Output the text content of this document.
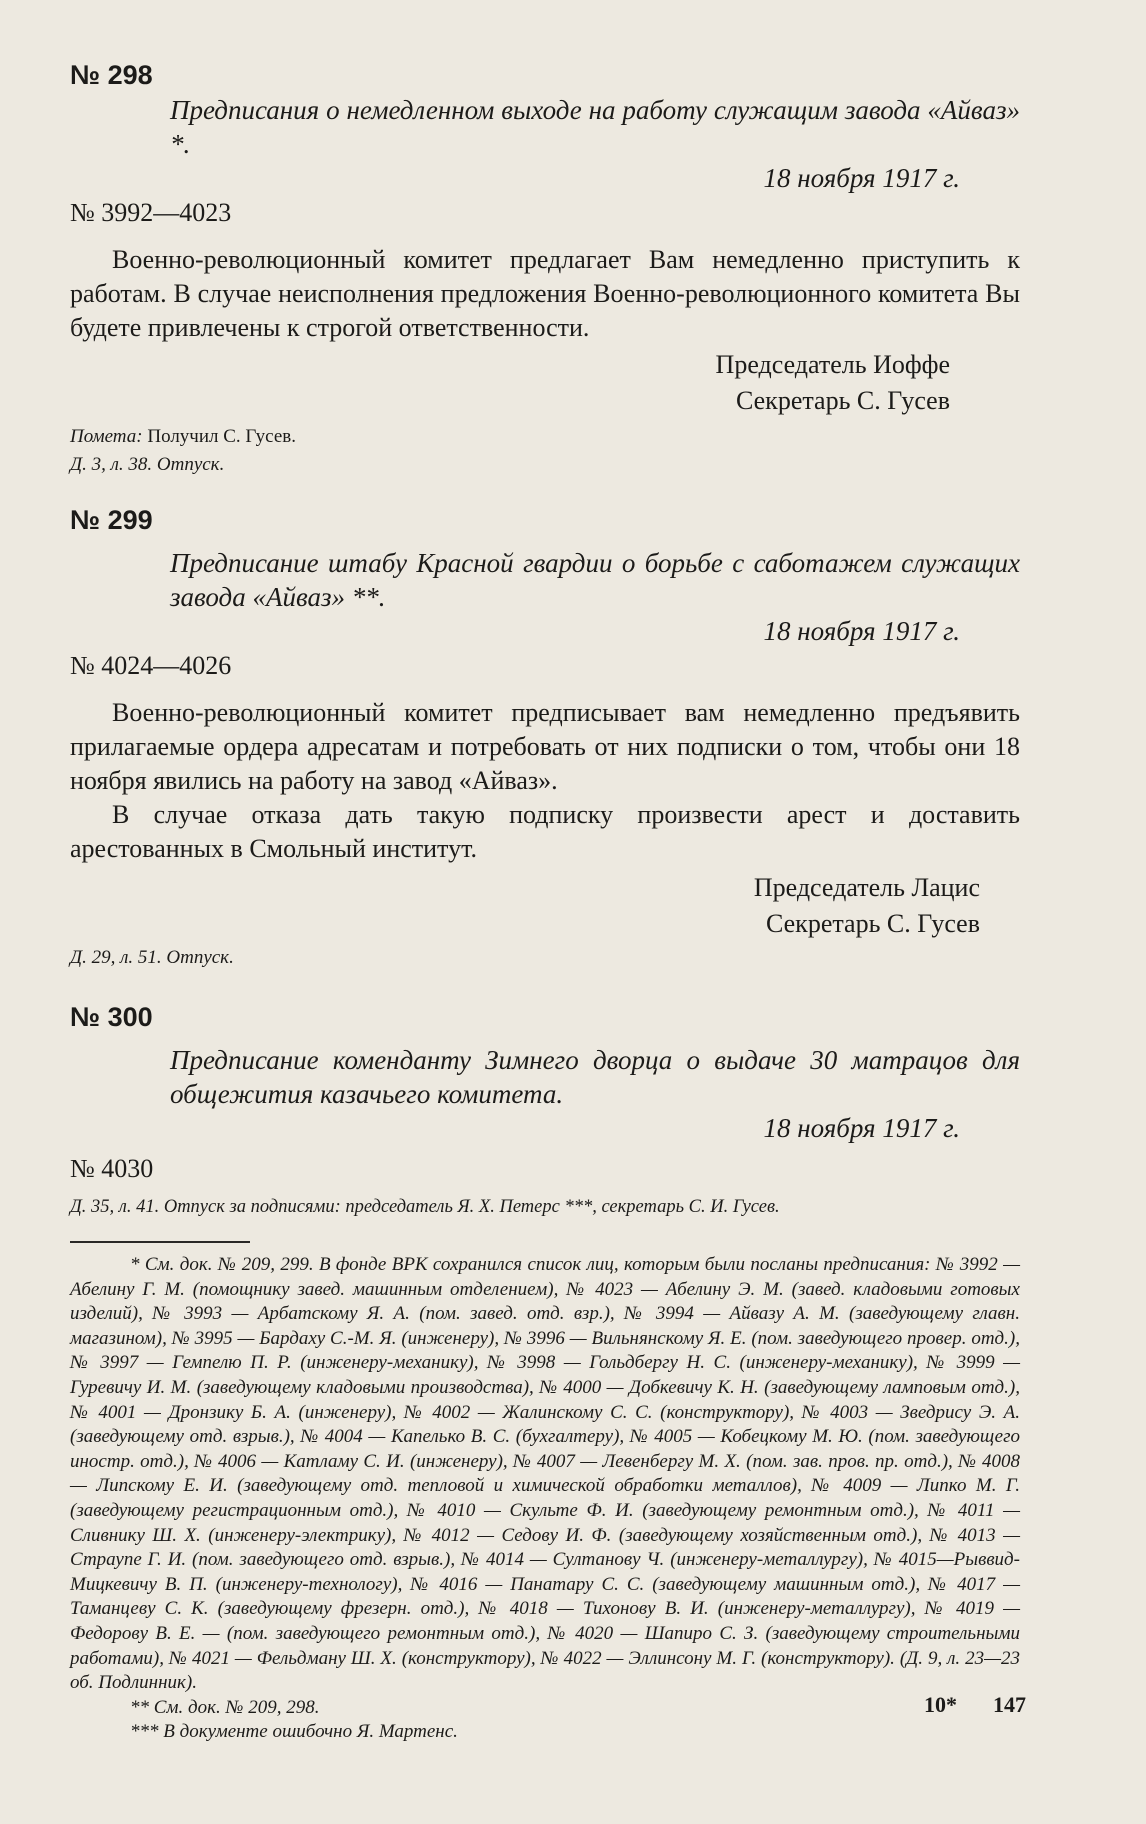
№ 298

Предписания о немедленном выходе на работу служащим завода «Айваз» *.

18 ноября 1917 г.
№ 3992—4023

Военно-революционный комитет предлагает Вам немедленно приступить к работам. В случае неисполнения предложения Военно-революционного комитета Вы будете привлечены к строгой ответственности.

Председатель Иоффе
Секретарь С. Гусев
Помета: Получил С. Гусев.
Д. 3, л. 38. Отпуск.

№ 299

Предписание штабу Красной гвардии о борьбе с саботажем служащих завода «Айваз» **.

18 ноября 1917 г.
№ 4024—4026

Военно-революционный комитет предписывает вам немедленно предъявить прилагаемые ордера адресатам и потребовать от них подписки о том, чтобы они 18 ноября явились на работу на завод «Айваз».

В случае отказа дать такую подписку произвести арест и доставить арестованных в Смольный институт.

Председатель Лацис
Секретарь С. Гусев
Д. 29, л. 51. Отпуск.

№ 300

Предписание коменданту Зимнего дворца о выдаче 30 матрацов для общежития казачьего комитета.

18 ноября 1917 г.
№ 4030
Д. 35, л. 41. Отпуск за подписями: председатель Я. X. Петерс ***, секретарь С. И. Гусев.

* См. док. № 209, 299. В фонде ВРК сохранился список лиц, которым были посланы предписания: № 3992 — Абелину Г. М. (помощнику завед. машинным отделением), № 4023 — Абелину Э. М. (завед. кладовыми готовых изделий), № 3993 — Арбатскому Я. А. (пом. завед. отд. взр.), № 3994 — Айвазу А. М. (заведующему главн. магазином), № 3995 — Бардаху С.-М. Я. (инженеру), № 3996 — Вильнянскому Я. Е. (пом. заведующего провер. отд.), № 3997 — Гемпелю П. Р. (инженеру-механику), № 3998 — Гольдбергу Н. С. (инженеру-механику), № 3999 — Гуревичу И. М. (заведующему кладовыми производства), № 4000 — Добкевичу К. Н. (заведующему ламповым отд.), № 4001 — Дронзику Б. А. (инженеру), № 4002 — Жалинскому С. С. (конструктору), № 4003 — Зведрису Э. А. (заведующему отд. взрыв.), № 4004 — Капелько В. С. (бухгалтеру), № 4005 — Кобецкому М. Ю. (пом. заведующего иностр. отд.), № 4006 — Катламу С. И. (инженеру), № 4007 — Левенбергу М. X. (пом. зав. пров. пр. отд.), № 4008 — Липскому Е. И. (заведующему отд. тепловой и химической обработки металлов), № 4009 — Липко М. Г. (заведующему регистрационным отд.), № 4010 — Скульте Ф. И. (заведующему ремонтным отд.), № 4011 — Сливнику Ш. X. (инженеру-электрику), № 4012 — Седову И. Ф. (заведующему хозяйственным отд.), № 4013 — Страупе Г. И. (пом. заведующего отд. взрыв.), № 4014 — Султанову Ч. (инженеру-металлургу), № 4015—Рыввид-Мицкевичу В. П. (инженеру-технологу), № 4016 — Панатару С. С. (заведующему машинным отд.), № 4017 — Таманцеву С. К. (заведующему фрезерн. отд.), № 4018 — Тихонову В. И. (инженеру-металлургу), № 4019 — Федорову В. Е. — (пом. заведующего ремонтным отд.), № 4020 — Шапиро С. З. (заведующему строительными работами), № 4021 — Фельдману Ш. X. (конструктору), № 4022 — Эллинсону М. Г. (конструктору). (Д. 9, л. 23—23 об. Подлинник).

** См. док. № 209, 298.

*** В документе ошибочно Я. Мартенс.

10* 147
